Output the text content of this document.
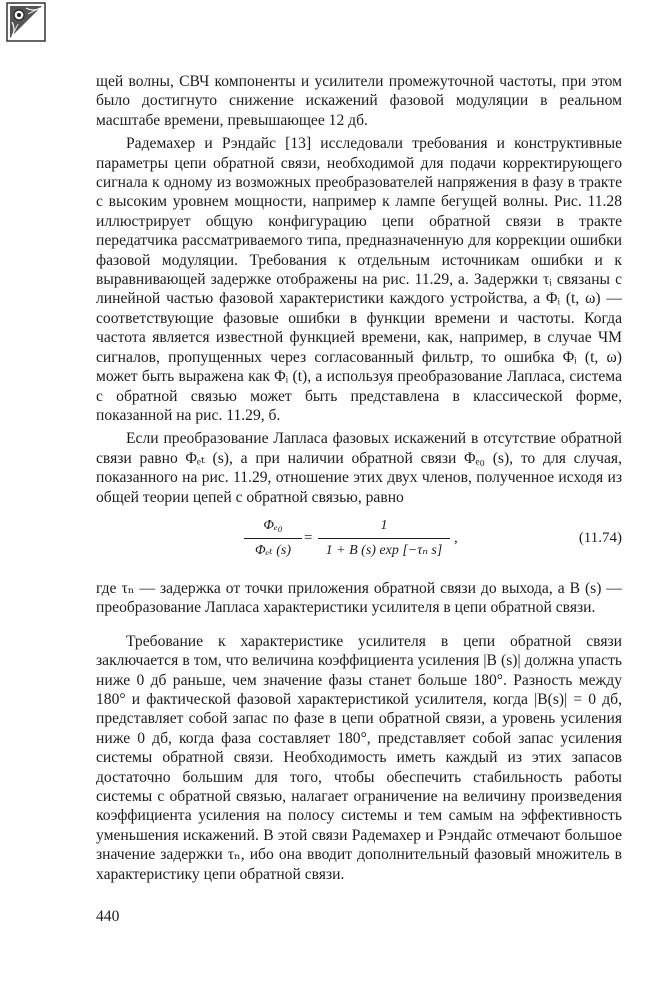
щей волны, СВЧ компоненты и усилители промежуточной частоты, при этом было достигнуто снижение искажений фазовой модуляции в реальном масштабе времени, превышающее 12 дб.

Радемахер и Рэндайс [13] исследовали требования и конструктивные параметры цепи обратной связи, необходимой для подачи корректирующего сигнала к одному из возможных преобразователей напряжения в фазу в тракте с высоким уровнем мощности, например к лампе бегущей волны. Рис. 11.28 иллюстрирует общую конфигурацию цепи обратной связи в тракте передатчика рассматриваемого типа, предназначенную для коррекции ошибки фазовой модуляции. Требования к отдельным источникам ошибки и к выравнивающей задержке отображены на рис. 11.29, а. Задержки τᵢ связаны с линейной частью фазовой характеристики каждого устройства, а Φᵢ (t, ω) — соответствующие фазовые ошибки в функции времени и частоты. Когда частота является известной функцией времени, как, например, в случае ЧМ сигналов, пропущенных через согласованный фильтр, то ошибка Φᵢ (t, ω) может быть выражена как Φᵢ (t), а используя преобразование Лапласа, система с обратной связью может быть представлена в классической форме, показанной на рис. 11.29, б.

Если преобразование Лапласа фазовых искажений в отсутствие обратной связи равно Φₑₜ (s), а при наличии обратной связи Φₑ₀ (s), то для случая, показанного на рис. 11.29, отношение этих двух членов, полученное исходя из общей теории цепей с обратной связью, равно

Φₑ₀
Φₑₜ (s)
=
1
1 + B (s) exp [−τₙ s]
,	(11.74)

где τₙ — задержка от точки приложения обратной связи до выхода, а B (s) — преобразование Лапласа характеристики усилителя в цепи обратной связи.

Требование к характеристике усилителя в цепи обратной связи заключается в том, что величина коэффициента усиления |B (s)| должна упасть ниже 0 дб раньше, чем значение фазы станет больше 180°. Разность между 180° и фактической фазовой характеристикой усилителя, когда |B(s)| = 0 дб, представляет собой запас по фазе в цепи обратной связи, а уровень усиления ниже 0 дб, когда фаза составляет 180°, представляет собой запас усиления системы обратной связи. Необходимость иметь каждый из этих запасов достаточно большим для того, чтобы обеспечить стабильность работы системы с обратной связью, налагает ограничение на величину произведения коэффициента усиления на полосу системы и тем самым на эффективность уменьшения искажений. В этой связи Радемахер и Рэндайс отмечают большое значение задержки τₙ, ибо она вводит дополнительный фазовый множитель в характеристику цепи обратной связи.

440
